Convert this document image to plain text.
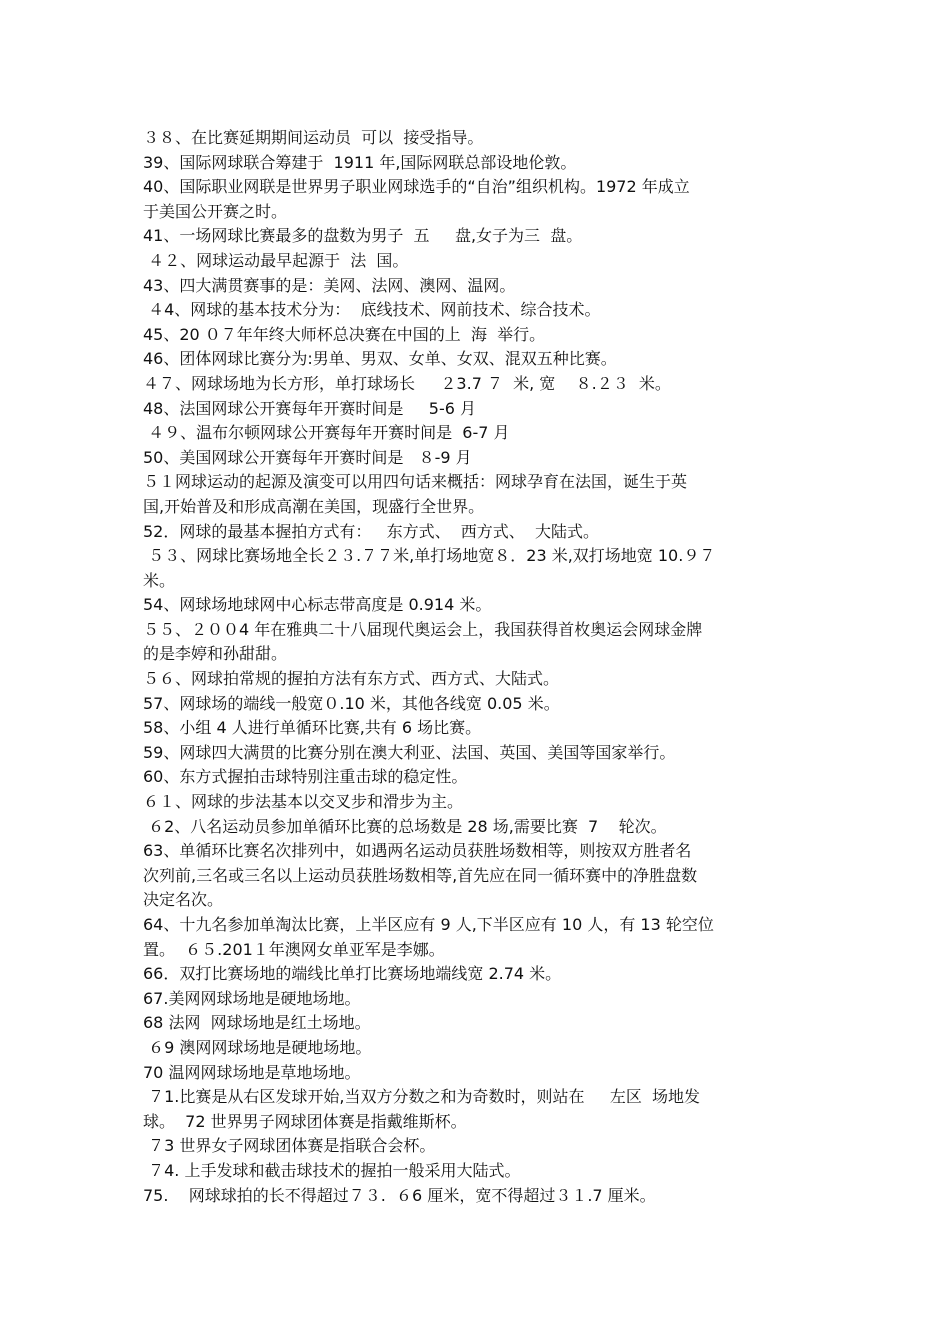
３８、在比赛延期期间运动员  可以  接受指导。
39、国际网球联合筹建于  1911 年,国际网联总部设地伦敦。
40、国际职业网联是世界男子职业网球选手的“自治”组织机构。1972 年成立
于美国公开赛之时。
41、一场网球比赛最多的盘数为男子  五     盘,女子为三  盘。
４２、网球运动最早起源于  法  国。
43、四大满贯赛事的是：美网、法网、澳网、温网。
４4、网球的基本技术分为：  底线技术、网前技术、综合技术。
45、20 ０７年年终大师杯总决赛在中国的上  海  举行。
46、团体网球比赛分为:男单、男双、女单、女双、混双五种比赛。
４７、网球场地为长方形，单打球场长     ２3.7 ７  米, 宽    ８.２３  米。
48、法国网球公开赛每年开赛时间是     5-6 月
４９、温布尔顿网球公开赛每年开赛时间是  6-7 月
50、美国网球公开赛每年开赛时间是   ８-9 月
５１网球运动的起源及演变可以用四句话来概括：网球孕育在法国，诞生于英
国,开始普及和形成高潮在美国，现盛行全世界。
52．网球的最基本握拍方式有：   东方式、  西方式、  大陆式。
５３、网球比赛场地全长２３.７７米,单打场地宽８．23 米,双打场地宽 10.９７
米。
54、网球场地球网中心标志带高度是 0.914 米。
５５、２００4 年在雅典二十八届现代奥运会上，我国获得首枚奥运会网球金牌
的是李婷和孙甜甜。
５６、网球拍常规的握拍方法有东方式、西方式、大陆式。
57、网球场的端线一般宽０.10 米，其他各线宽 0.05 米。
58、小组 4 人进行单循环比赛,共有 6 场比赛。
59、网球四大满贯的比赛分别在澳大利亚、法国、英国、美国等国家举行。
60、东方式握拍击球特别注重击球的稳定性。
６１、网球的步法基本以交叉步和滑步为主。
６2、八名运动员参加单循环比赛的总场数是 28 场,需要比赛  7    轮次。
63、单循环比赛名次排列中，如遇两名运动员获胜场数相等，则按双方胜者名
次列前,三名或三名以上运动员获胜场数相等,首先应在同一循环赛中的净胜盘数
决定名次。
64、十九名参加单淘汰比赛，上半区应有 9 人,下半区应有 10 人，有 13 轮空位
置。  ６５.201１年澳网女单亚军是李娜。
66．双打比赛场地的端线比单打比赛场地端线宽 2.74 米。
67.美网网球场地是硬地场地。
68 法网  网球场地是红土场地。
６9 澳网网球场地是硬地场地。
70 温网网球场地是草地场地。
７1.比赛是从右区发球开始,当双方分数之和为奇数时，则站在     左区  场地发
球。  72 世界男子网球团体赛是指戴维斯杯。
７3 世界女子网球团体赛是指联合会杯。
７4. 上手发球和截击球技术的握拍一般采用大陆式。
75.    网球球拍的长不得超过７３.  ６6 厘米，宽不得超过３１.7 厘米。
